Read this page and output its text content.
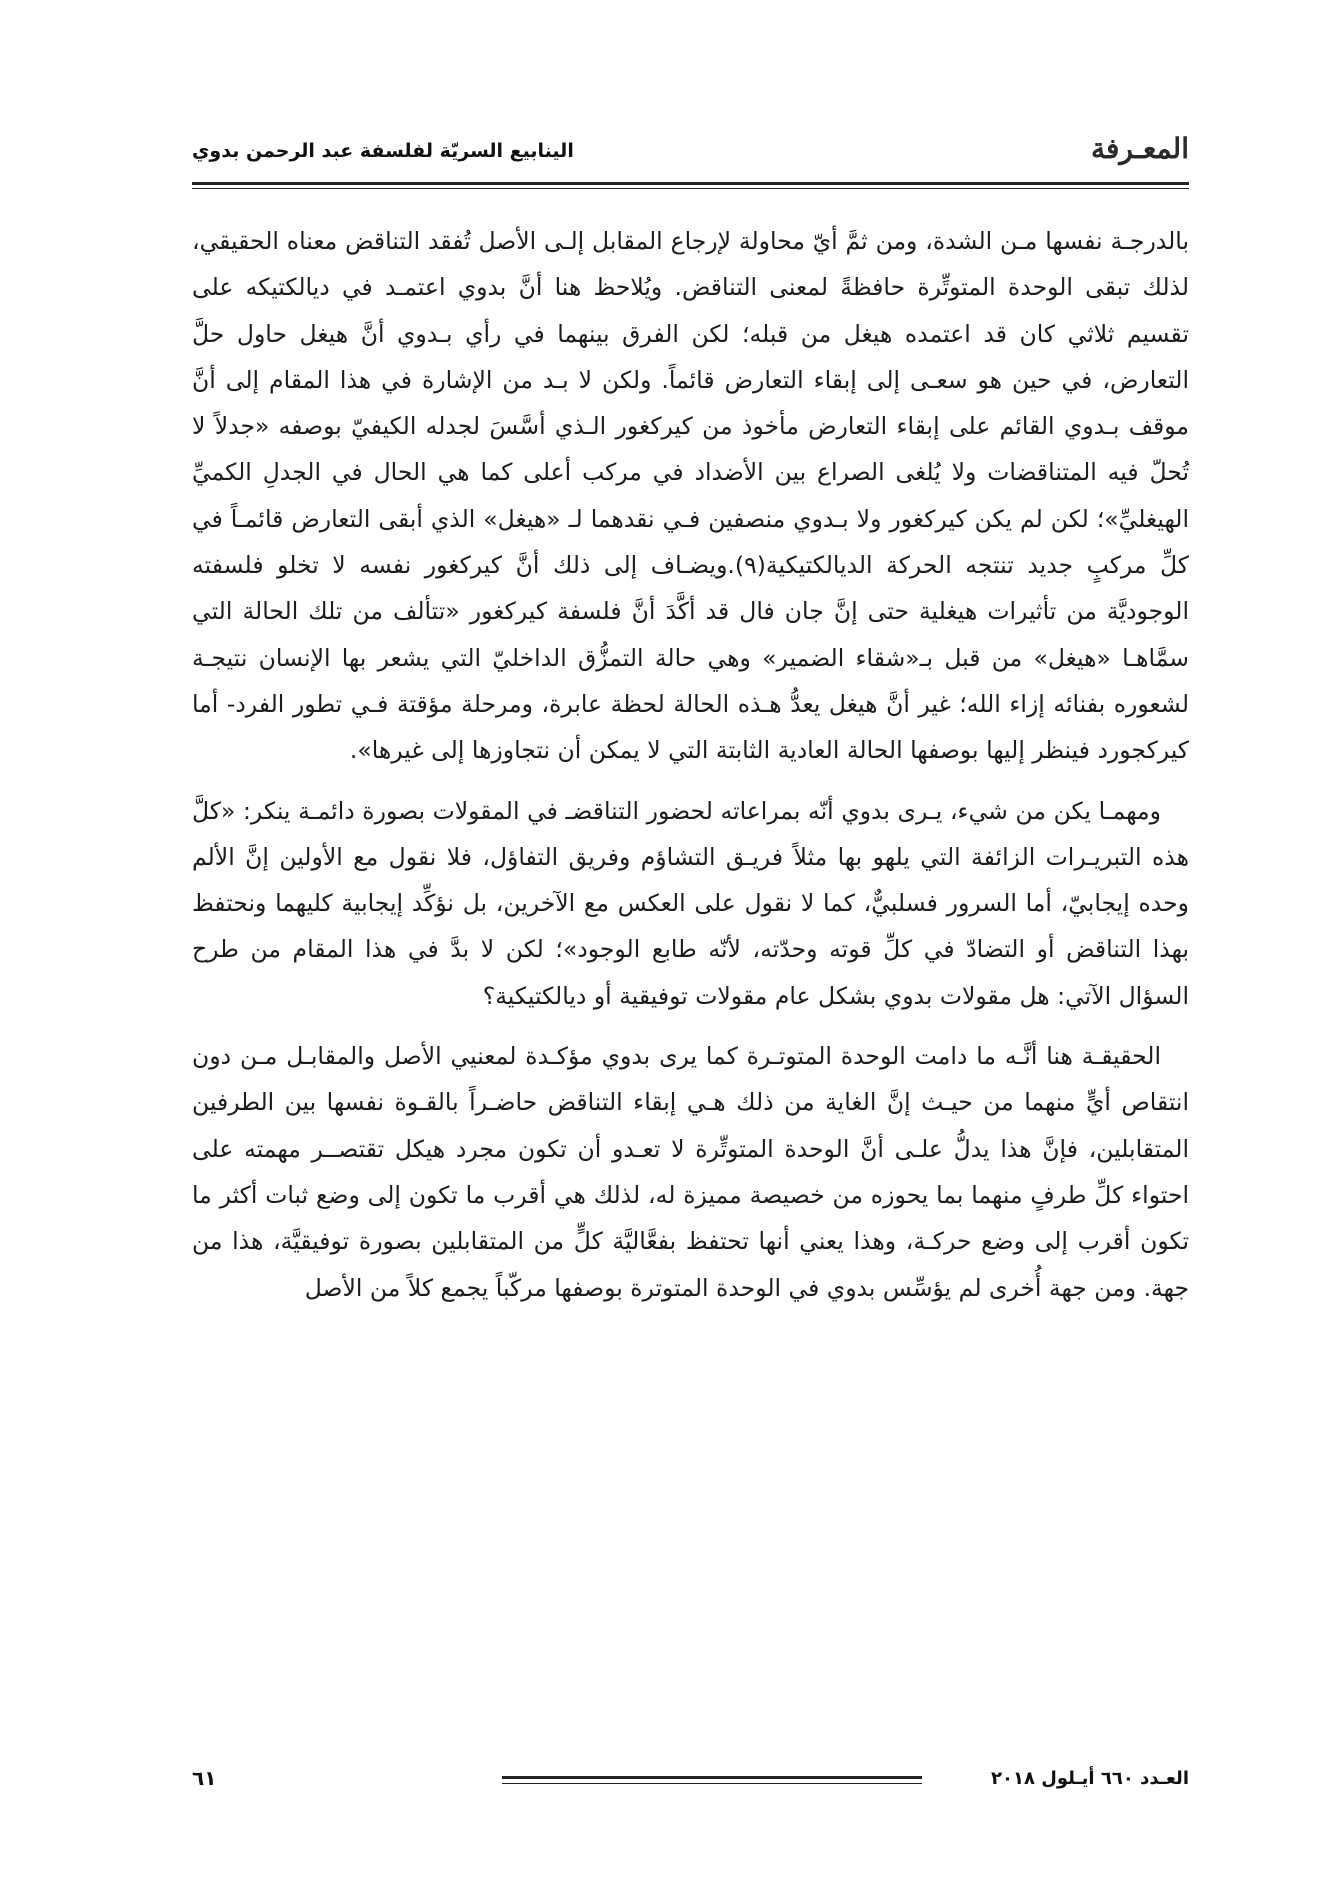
المعـرفة
الينابيع السريّة لفلسفة عبد الرحمن بدوي

بالدرجـة نفسها مـن الشدة، ومن ثمَّ أيّ محاولة لإرجاع المقابل إلـى الأصل تُفقد التناقض معناه الحقيقي، لذلك تبقى الوحدة المتوتِّرة حافظةً لمعنى التناقض. ويُلاحظ هنا أنَّ بدوي اعتمـد في ديالكتيكه على تقسيم ثلاثي كان قد اعتمده هيغل من قبله؛ لكن الفرق بينهما في رأي بـدوي أنَّ هيغل حاول حلَّ التعارض، في حين هو سعـى إلى إبقاء التعارض قائماً. ولكن لا بـد من الإشارة في هذا المقام إلى أنَّ موقف بـدوي القائم على إبقاء التعارض مأخوذ من كيركغور الـذي أسَّسَ لجدله الكيفيّ بوصفه «جدلاً لا تُحلّ فيه المتناقضات ولا يُلغى الصراع بين الأضداد في مركب أعلى كما هي الحال في الجدلِ الكميِّ الهيغليِّ»؛ لكن لم يكن كيركغور ولا بـدوي منصفين فـي نقدهما لـ «هيغل» الذي أبقى التعارض قائمـاً في كلِّ مركبٍ جديد تنتجه الحركة الديالكتيكية(٩).ويضـاف إلى ذلك أنَّ كيركغور نفسه لا تخلو فلسفته الوجوديَّة من تأثيرات هيغلية حتى إنَّ جان فال قد أكَّدَ أنَّ فلسفة كيركغور «تتألف من تلك الحالة التي سمَّاهـا «هيغل» من قبل بـ«شقاء الضمير» وهي حالة التمزُّق الداخليّ التي يشعر بها الإنسان نتيجـة لشعوره بفنائه إزاء الله؛ غير أنَّ هيغل يعدُّ هـذه الحالة لحظة عابرة، ومرحلة مؤقتة فـي تطور الفرد- أما كيركجورد فينظر إليها بوصفها الحالة العادية الثابتة التي لا يمكن أن نتجاوزها إلى غيرها».

ومهمـا يكن من شيء، يـرى بدوي أنّه بمراعاته لحضور التناقضـ في المقولات بصورة دائمـة ينكر: «كلَّ هذه التبريـرات الزائفة التي يلهو بها مثلاً فريـق التشاؤم وفريق التفاؤل، فلا نقول مع الأولين إنَّ الألم وحده إيجابيّ، أما السرور فسلبيٌّ، كما لا نقول على العكس مع الآخرين، بل نؤكِّد إيجابية كليهما ونحتفظ بهذا التناقض أو التضادّ في كلِّ قوته وحدّته، لأنّه طابع الوجود»؛ لكن لا بدَّ في هذا المقام من طرح السؤال الآتي: هل مقولات بدوي بشكل عام مقولات توفيقية أو ديالكتيكية؟

الحقيقـة هنا أنَّـه ما دامت الوحدة المتوتـرة كما يرى بدوي مؤكـدة لمعنيي الأصل والمقابـل مـن دون انتقاص أيٍّ منهما من حيـث إنَّ الغاية من ذلك هـي إبقاء التناقض حاضـراً بالقـوة نفسها بين الطرفين المتقابلين، فإنَّ هذا يدلُّ علـى أنَّ الوحدة المتوتِّرة لا تعـدو أن تكون مجرد هيكل تقتصــر مهمته على احتواء كلِّ طرفٍ منهما بما يحوزه من خصيصة مميزة له، لذلك هي أقرب ما تكون إلى وضع ثبات أكثر ما تكون أقرب إلى وضع حركـة، وهذا يعني أنها تحتفظ بفعَّاليَّة كلٍّ من المتقابلين بصورة توفيقيَّة، هذا من جهة. ومن جهة أُخرى لم يؤسِّس بدوي في الوحدة المتوترة بوصفها مركّباً يجمع كلاً من الأصل

العـدد ٦٦٠ أيـلول ٢٠١٨
٦١
